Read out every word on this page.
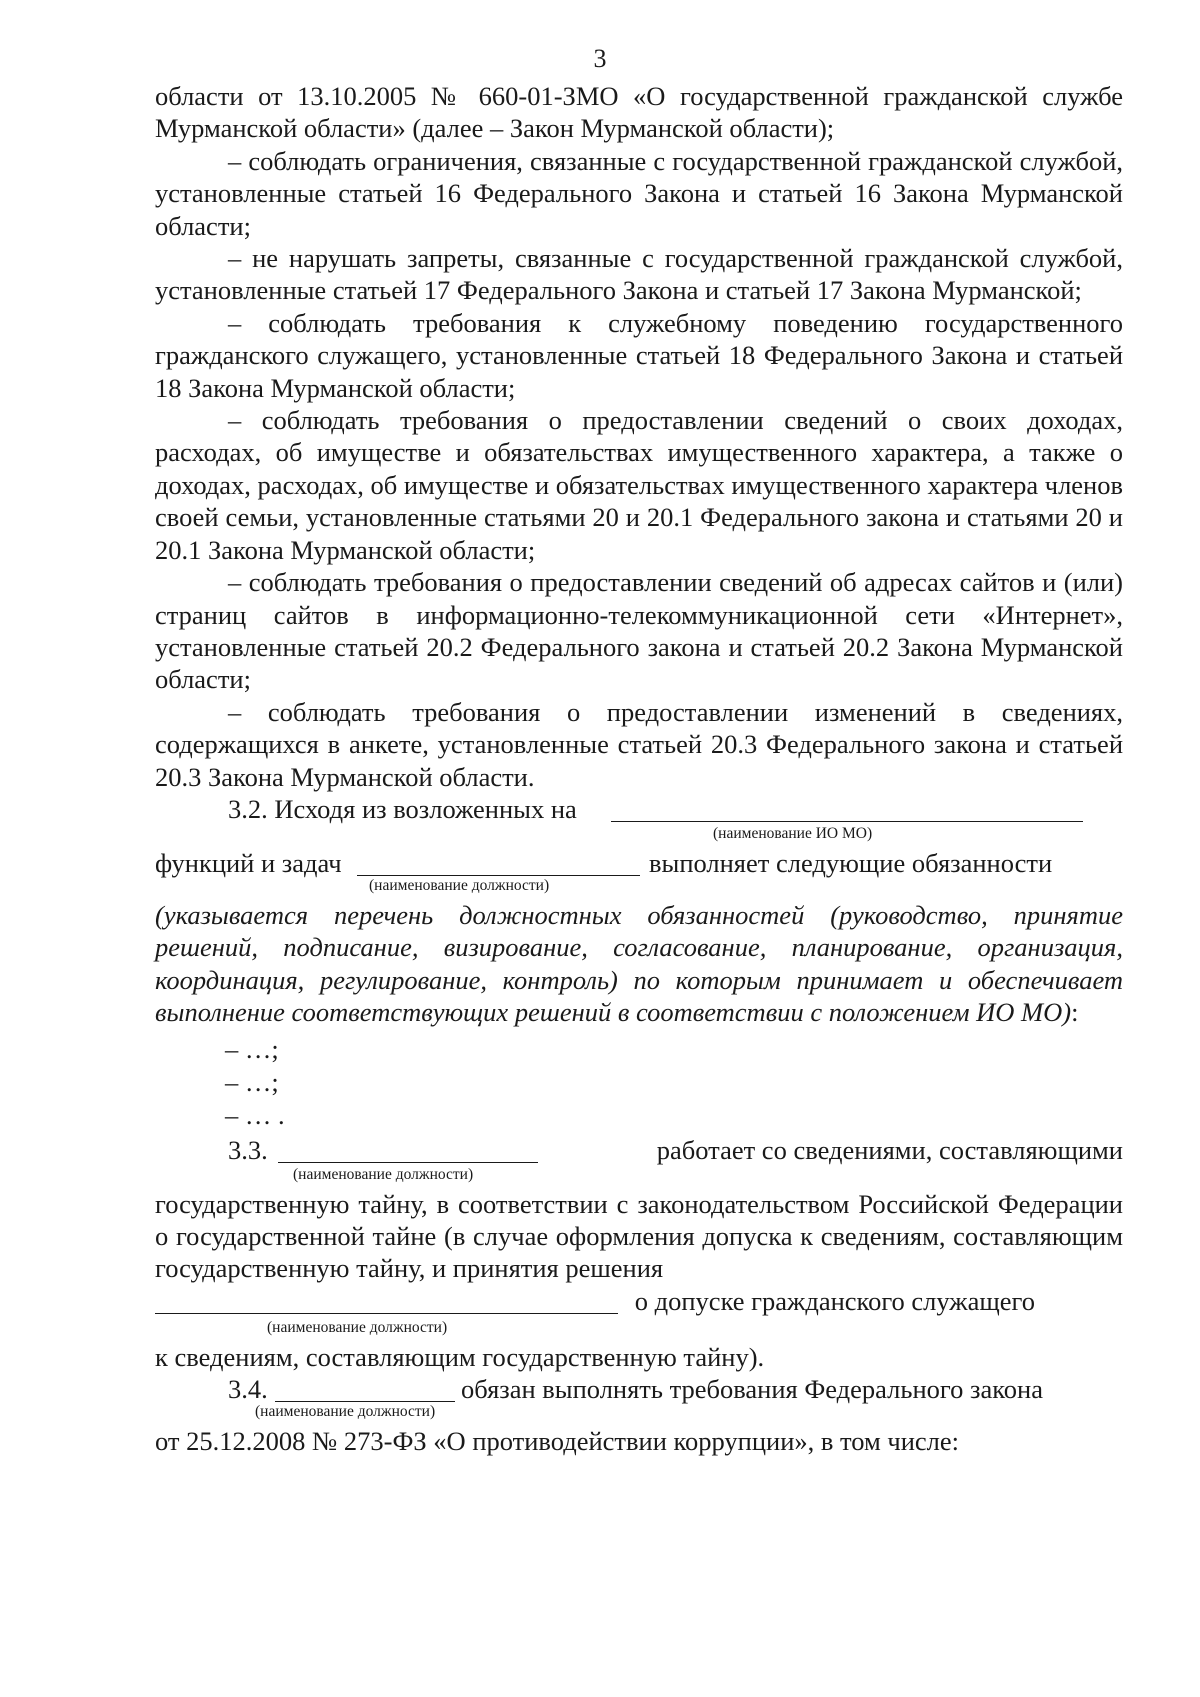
3

области от 13.10.2005 № 660-01-ЗМО «О государственной гражданской службе Мурманской области» (далее – Закон Мурманской области);

– соблюдать ограничения, связанные с государственной гражданской службой, установленные статьей 16 Федерального Закона и статьей 16 Закона Мурманской области;

– не нарушать запреты, связанные с государственной гражданской службой, установленные статьей 17 Федерального Закона и статьей 17 Закона Мурманской;

– соблюдать требования к служебному поведению государственного гражданского служащего, установленные статьей 18 Федерального Закона и статьей 18 Закона Мурманской области;

– соблюдать требования о предоставлении сведений о своих доходах, расходах, об имуществе и обязательствах имущественного характера, а также о доходах, расходах, об имуществе и обязательствах имущественного характера членов своей семьи, установленные статьями 20 и 20.1 Федерального закона и статьями 20 и 20.1 Закона Мурманской области;

– соблюдать требования о предоставлении сведений об адресах сайтов и (или) страниц сайтов в информационно-телекоммуникационной сети «Интернет», установленные статьей 20.2 Федерального закона и статьей 20.2 Закона Мурманской области;

– соблюдать требования о предоставлении изменений в сведениях, содержащихся в анкете, установленные статьей 20.3 Федерального закона и статьей 20.3 Закона Мурманской области.

3.2. Исходя из возложенных на
(наименование ИО МО)
функций и задач	выполняет следующие обязанности
(наименование должности)

(указывается перечень должностных обязанностей (руководство, принятие решений, подписание, визирование, согласование, планирование, организация, координация, регулирование, контроль) по которым принимает и обеспечивает выполнение соответствующих решений в соответствии с положением ИО МО):

– …;

– …;

– … .

3.3.	работает со сведениями, составляющими
(наименование должности)

государственную тайну, в соответствии с законодательством Российской Федерации о государственной тайне (в случае оформления допуска к сведениям, составляющим государственную тайну, и принятия решения

о допуске гражданского служащего
(наименование должности)

к сведениям, составляющим государственную тайну).

3.4.	обязан выполнять требования Федерального закона
(наименование должности)

от 25.12.2008 № 273-ФЗ «О противодействии коррупции», в том числе:
